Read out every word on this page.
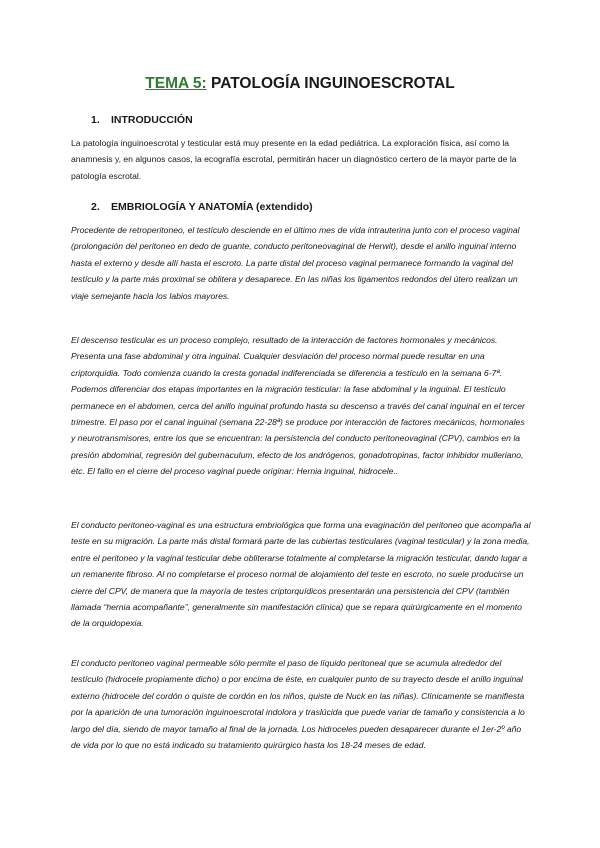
TEMA 5: PATOLOGÍA INGUINOESCROTAL
1. INTRODUCCIÓN

La patología inguinoescrotal y testicular está muy presente en la edad pediátrica. La exploración física, así como la anamnesis y, en algunos casos, la ecografía escrotal, permitirán hacer un diagnóstico certero de la mayor parte de la patología escrotal.

2. EMBRIOLOGÍA Y ANATOMÍA (extendido)

Procedente de retroperitoneo, el testículo desciende en el último mes de vida intrauterina junto con el proceso vaginal (prolongación del peritoneo en dedo de guante, conducto peritoneovaginal de Herwit), desde el anillo inguinal interno hasta el externo y desde allí hasta el escroto. La parte distal del proceso vaginal permanece formando la vaginal del testículo y la parte más proximal se oblitera y desaparece. En las niñas los ligamentos redondos del útero realizan un viaje semejante hacia los labios mayores.

El descenso testicular es un proceso complejo, resultado de la interacción de factores hormonales y mecánicos. Presenta una fase abdominal y otra inguinal. Cualquier desviación del proceso normal puede resultar en una criptorquidia. Todo comienza cuando la cresta gonadal indiferenciada se diferencia a testículo en la semana 6-7ª. Podemos diferenciar dos etapas importantes en la migración testicular: la fase abdominal y la inguinal. El testículo permanece en el abdomen, cerca del anillo inguinal profundo hasta su descenso a través del canal inguinal en el tercer trimestre. El paso por el canal inguinal (semana 22-28ª) se produce por interacción de factores mecánicos, hormonales y neurotransmisores, entre los que se encuentran: la persistencia del conducto peritoneovaginal (CPV), cambios en la presión abdominal, regresión del gubernaculum, efecto de los andrógenos, gonadotropinas, factor inhibidor mulleriano, etc. El fallo en el cierre del proceso vaginal puede originar: Hernia inguinal, hidrocele..

El conducto peritoneo-vaginal es una estructura embriológica que forma una evaginación del peritoneo que acompaña al teste en su migración. La parte más distal formará parte de las cubiertas testiculares (vaginal testicular) y la zona media, entre el peritoneo y la vaginal testicular debe obliterarse totalmente al completarse la migración testicular, dando lugar a un remanente fibroso. Al no completarse el proceso normal de alojamiento del teste en escroto, no suele producirse un cierre del CPV, de manera que la mayoría de testes criptorquídicos presentarán una persistencia del CPV (también llamada “hernia acompañante”, generalmente sin manifestación clínica) que se repara quirúrgicamente en el momento de la orquidopexia.

El conducto peritoneo vaginal permeable sólo permite el paso de líquido peritoneal que se acumula alrededor del testículo (hidrocele propiamente dicho) o por encima de éste, en cualquier punto de su trayecto desde el anillo inguinal externo (hidrocele del cordón o quiste de cordón en los niños, quiste de Nuck en las niñas). Clínicamente se manifiesta por la aparición de una tumoración inguinoescrotal indolora y traslúcida que puede variar de tamaño y consistencia a lo largo del día, siendo de mayor tamaño al final de la jornada. Los hidroceles pueden desaparecer durante el 1er-2º año de vida por lo que no está indicado su tratamiento quirúrgico hasta los 18-24 meses de edad.
